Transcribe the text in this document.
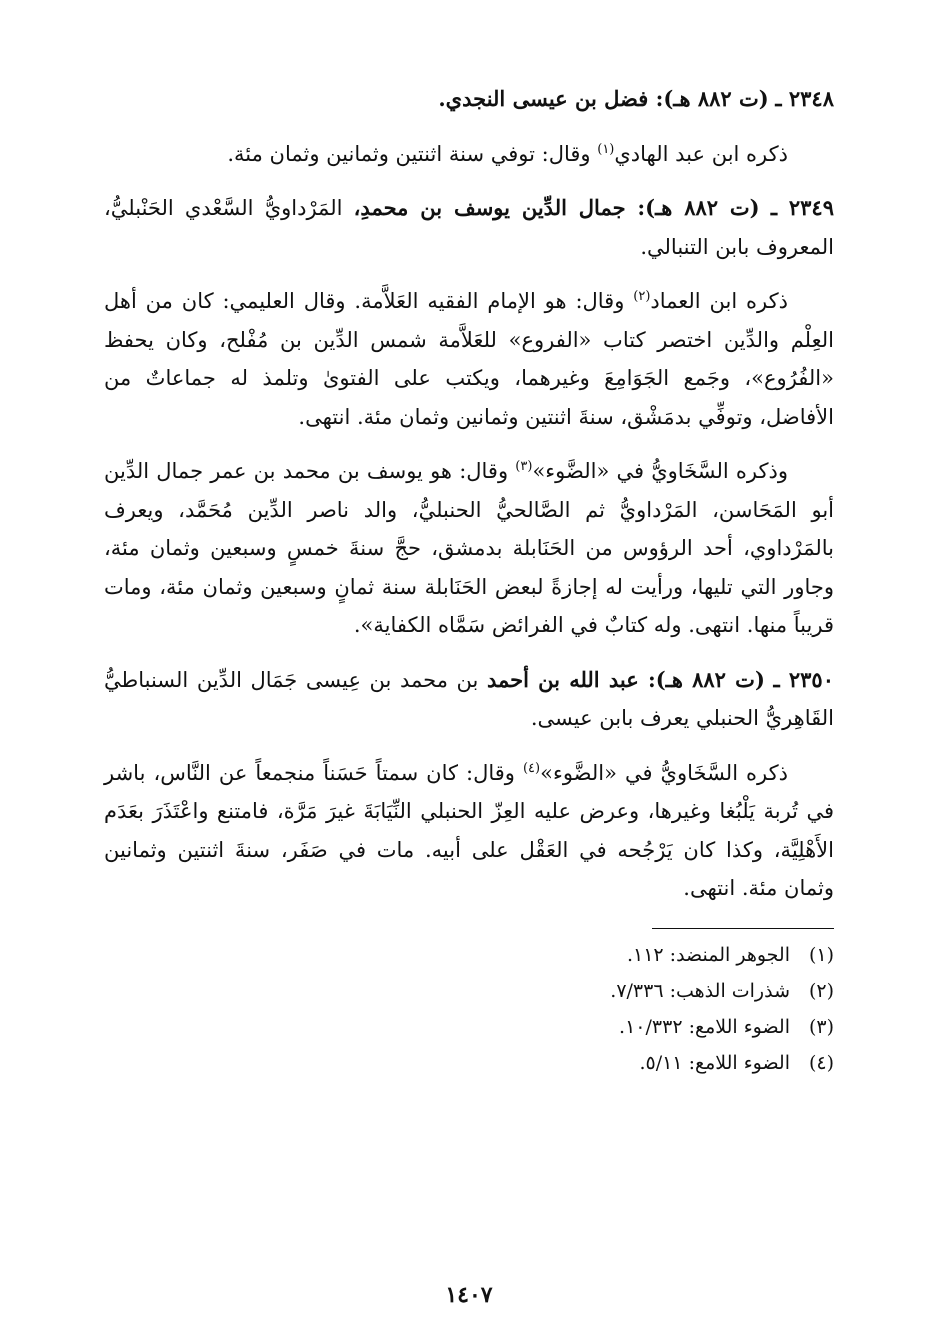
٢٣٤٨ ـ (ت ٨٨٢ هـ): فضل بن عيسى النجدي.

ذكره ابن عبد الهادي$^{(١)}$ وقال: توفي سنة اثنتين وثمانين وثمان مئة.

٢٣٤٩ ـ (ت ٨٨٢ هـ): جمال الدِّين يوسف بن محمدِ، المَرْداويُّ السَّعْدي الحَنْبليُّ، المعروف بابن التنبالي.

ذكره ابن العماد$^{(٢)}$ وقال: هو الإمام الفقيه العَلاَّمة. وقال العليمي: كان من أهل العِلْم والدِّين اختصر كتاب «الفروع» للعَلاَّمة شمس الدِّين بن مُفْلح، وكان يحفظ «الفُرُوع»، وجَمع الجَوَامِعَ وغيرهما، ويكتب على الفتوىٰ وتلمذ له جماعاتٌ من الأفاضل، وتوفِّي بدمَشْق، سنةَ اثنتين وثمانين وثمان مئة. انتهى.

وذكره السَّخَاويُّ في «الضَّوء»$^{(٣)}$ وقال: هو يوسف بن محمد بن عمر جمال الدِّين أبو المَحَاسن، المَرْداويُّ ثم الصَّالحيُّ الحنبليُّ، والد ناصر الدِّين مُحَمَّد، ويعرف بالمَرْداوي، أحد الرؤوس من الحَنَابلة بدمشق، حجَّ سنةَ خمسٍ وسبعين وثمان مئة، وجاور التي تليها، ورأيت له إجازةً لبعض الحَنَابلة سنة ثمانٍ وسبعين وثمان مئة، ومات قريباً منها. انتهى. وله كتابٌ في الفرائض سَمَّاه الكفاية».

٢٣٥٠ ـ (ت ٨٨٢ هـ): عبد الله بن أحمد بن محمد بن عِيسى جَمَال الدِّين السنباطيُّ القَاهِريُّ الحنبلي يعرف بابن عيسى.

ذكره السَّخَاويُّ في «الضَّوء»$^{(٤)}$ وقال: كان سمتاً حَسَناً منجمعاً عن النَّاس، باشر في تُربة يَلْبُغا وغيرها، وعرض عليه العِزّ الحنبلي النِّيَابَةَ غيرَ مَرَّة، فامتنع واعْتَذَرَ بعَدَم الأَهْلِيَّة، وكذا كان يَرْجُحه في العَقْل على أبيه. مات في صَفَر، سنةَ اثنتين وثمانين وثمان مئة. انتهى.

(١)الجوهر المنضد: ١١٢.
(٢)شذرات الذهب: ٧/٣٣٦.
(٣)الضوء اللامع: ١٠/٣٣٢.
(٤)الضوء اللامع: ٥/١١.
١٤٠٧
